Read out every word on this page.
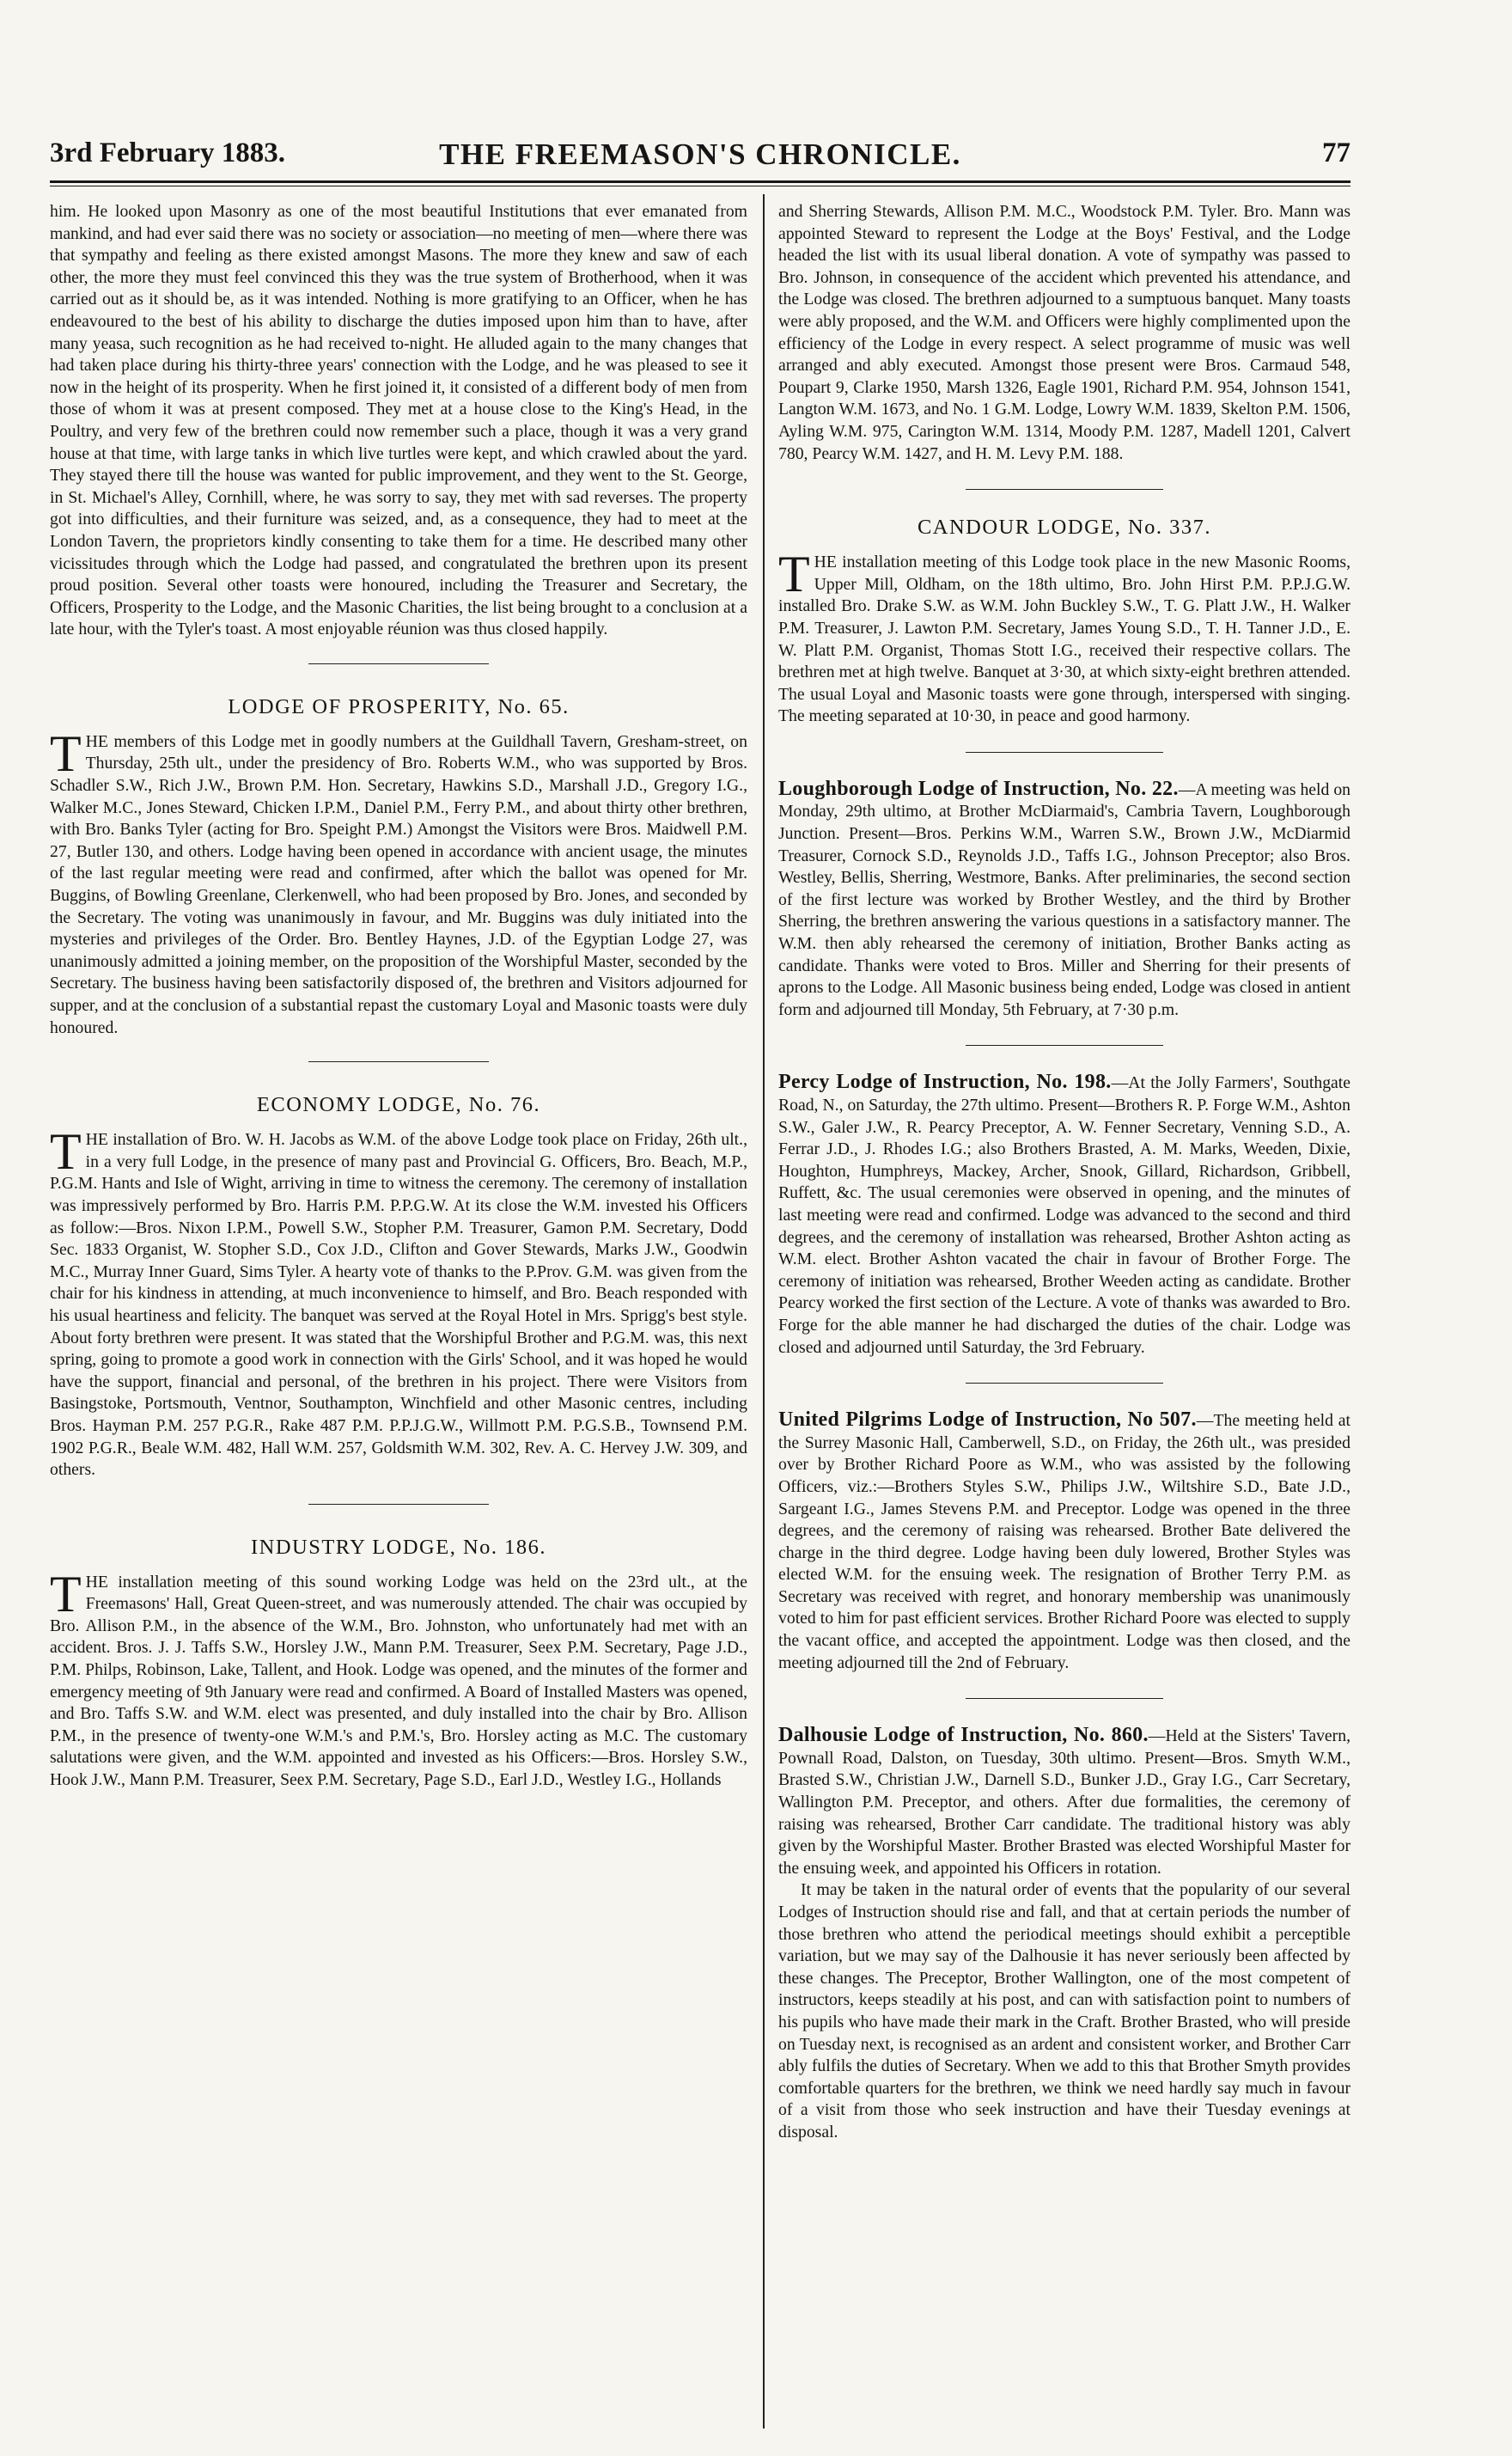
3rd February 1883.	THE FREEMASON'S CHRONICLE.	77

him. He looked upon Masonry as one of the most beautiful Institutions that ever emanated from mankind, and had ever said there was no society or association—no meeting of men—where there was that sympathy and feeling as there existed amongst Masons. The more they knew and saw of each other, the more they must feel convinced this they was the true system of Brotherhood, when it was carried out as it should be, as it was intended. Nothing is more gratifying to an Officer, when he has endeavoured to the best of his ability to discharge the duties imposed upon him than to have, after many yeasa, such recognition as he had received to-night. He alluded again to the many changes that had taken place during his thirty-three years' connection with the Lodge, and he was pleased to see it now in the height of its prosperity. When he first joined it, it consisted of a different body of men from those of whom it was at present composed. They met at a house close to the King's Head, in the Poultry, and very few of the brethren could now remember such a place, though it was a very grand house at that time, with large tanks in which live turtles were kept, and which crawled about the yard. They stayed there till the house was wanted for public improvement, and they went to the St. George, in St. Michael's Alley, Cornhill, where, he was sorry to say, they met with sad reverses. The property got into difficulties, and their furniture was seized, and, as a consequence, they had to meet at the London Tavern, the proprietors kindly consenting to take them for a time. He described many other vicissitudes through which the Lodge had passed, and congratulated the brethren upon its present proud position. Several other toasts were honoured, including the Treasurer and Secretary, the Officers, Prosperity to the Lodge, and the Masonic Charities, the list being brought to a conclusion at a late hour, with the Tyler's toast. A most enjoyable réunion was thus closed happily.

LODGE OF PROSPERITY, No. 65.

THE members of this Lodge met in goodly numbers at the Guildhall Tavern, Gresham-street, on Thursday, 25th ult., under the presidency of Bro. Roberts W.M., who was supported by Bros. Schadler S.W., Rich J.W., Brown P.M. Hon. Secretary, Hawkins S.D., Marshall J.D., Gregory I.G., Walker M.C., Jones Steward, Chicken I.P.M., Daniel P.M., Ferry P.M., and about thirty other brethren, with Bro. Banks Tyler (acting for Bro. Speight P.M.) Amongst the Visitors were Bros. Maidwell P.M. 27, Butler 130, and others. Lodge having been opened in accordance with ancient usage, the minutes of the last regular meeting were read and confirmed, after which the ballot was opened for Mr. Buggins, of Bowling Greenlane, Clerkenwell, who had been proposed by Bro. Jones, and seconded by the Secretary. The voting was unanimously in favour, and Mr. Buggins was duly initiated into the mysteries and privileges of the Order. Bro. Bentley Haynes, J.D. of the Egyptian Lodge 27, was unanimously admitted a joining member, on the proposition of the Worshipful Master, seconded by the Secretary. The business having been satisfactorily disposed of, the brethren and Visitors adjourned for supper, and at the conclusion of a substantial repast the customary Loyal and Masonic toasts were duly honoured.

ECONOMY LODGE, No. 76.

THE installation of Bro. W. H. Jacobs as W.M. of the above Lodge took place on Friday, 26th ult., in a very full Lodge, in the presence of many past and Provincial G. Officers, Bro. Beach, M.P., P.G.M. Hants and Isle of Wight, arriving in time to witness the ceremony. The ceremony of installation was impressively performed by Bro. Harris P.M. P.P.G.W. At its close the W.M. invested his Officers as follow:—Bros. Nixon I.P.M., Powell S.W., Stopher P.M. Treasurer, Gamon P.M. Secretary, Dodd Sec. 1833 Organist, W. Stopher S.D., Cox J.D., Clifton and Gover Stewards, Marks J.W., Goodwin M.C., Murray Inner Guard, Sims Tyler. A hearty vote of thanks to the P.Prov. G.M. was given from the chair for his kindness in attending, at much inconvenience to himself, and Bro. Beach responded with his usual heartiness and felicity. The banquet was served at the Royal Hotel in Mrs. Sprigg's best style. About forty brethren were present. It was stated that the Worshipful Brother and P.G.M. was, this next spring, going to promote a good work in connection with the Girls' School, and it was hoped he would have the support, financial and personal, of the brethren in his project. There were Visitors from Basingstoke, Portsmouth, Ventnor, Southampton, Winchfield and other Masonic centres, including Bros. Hayman P.M. 257 P.G.R., Rake 487 P.M. P.P.J.G.W., Willmott P.M. P.G.S.B., Townsend P.M. 1902 P.G.R., Beale W.M. 482, Hall W.M. 257, Goldsmith W.M. 302, Rev. A. C. Hervey J.W. 309, and others.

INDUSTRY LODGE, No. 186.

THE installation meeting of this sound working Lodge was held on the 23rd ult., at the Freemasons' Hall, Great Queen-street, and was numerously attended. The chair was occupied by Bro. Allison P.M., in the absence of the W.M., Bro. Johnston, who unfortunately had met with an accident. Bros. J. J. Taffs S.W., Horsley J.W., Mann P.M. Treasurer, Seex P.M. Secretary, Page J.D., P.M. Philps, Robinson, Lake, Tallent, and Hook. Lodge was opened, and the minutes of the former and emergency meeting of 9th January were read and confirmed. A Board of Installed Masters was opened, and Bro. Taffs S.W. and W.M. elect was presented, and duly installed into the chair by Bro. Allison P.M., in the presence of twenty-one W.M.'s and P.M.'s, Bro. Horsley acting as M.C. The customary salutations were given, and the W.M. appointed and invested as his Officers:—Bros. Horsley S.W., Hook J.W., Mann P.M. Treasurer, Seex P.M. Secretary, Page S.D., Earl J.D., Westley I.G., Hollands

and Sherring Stewards, Allison P.M. M.C., Woodstock P.M. Tyler. Bro. Mann was appointed Steward to represent the Lodge at the Boys' Festival, and the Lodge headed the list with its usual liberal donation. A vote of sympathy was passed to Bro. Johnson, in consequence of the accident which prevented his attendance, and the Lodge was closed. The brethren adjourned to a sumptuous banquet. Many toasts were ably proposed, and the W.M. and Officers were highly complimented upon the efficiency of the Lodge in every respect. A select programme of music was well arranged and ably executed. Amongst those present were Bros. Carmaud 548, Poupart 9, Clarke 1950, Marsh 1326, Eagle 1901, Richard P.M. 954, Johnson 1541, Langton W.M. 1673, and No. 1 G.M. Lodge, Lowry W.M. 1839, Skelton P.M. 1506, Ayling W.M. 975, Carington W.M. 1314, Moody P.M. 1287, Madell 1201, Calvert 780, Pearcy W.M. 1427, and H. M. Levy P.M. 188.

CANDOUR LODGE, No. 337.

THE installation meeting of this Lodge took place in the new Masonic Rooms, Upper Mill, Oldham, on the 18th ultimo, Bro. John Hirst P.M. P.P.J.G.W. installed Bro. Drake S.W. as W.M. John Buckley S.W., T. G. Platt J.W., H. Walker P.M. Treasurer, J. Lawton P.M. Secretary, James Young S.D., T. H. Tanner J.D., E. W. Platt P.M. Organist, Thomas Stott I.G., received their respective collars. The brethren met at high twelve. Banquet at 3·30, at which sixty-eight brethren attended. The usual Loyal and Masonic toasts were gone through, interspersed with singing. The meeting separated at 10·30, in peace and good harmony.

Loughborough Lodge of Instruction, No. 22.—A meeting was held on Monday, 29th ultimo, at Brother McDiarmaid's, Cambria Tavern, Loughborough Junction. Present—Bros. Perkins W.M., Warren S.W., Brown J.W., McDiarmid Treasurer, Cornock S.D., Reynolds J.D., Taffs I.G., Johnson Preceptor; also Bros. Westley, Bellis, Sherring, Westmore, Banks. After preliminaries, the second section of the first lecture was worked by Brother Westley, and the third by Brother Sherring, the brethren answering the various questions in a satisfactory manner. The W.M. then ably rehearsed the ceremony of initiation, Brother Banks acting as candidate. Thanks were voted to Bros. Miller and Sherring for their presents of aprons to the Lodge. All Masonic business being ended, Lodge was closed in antient form and adjourned till Monday, 5th February, at 7·30 p.m.

Percy Lodge of Instruction, No. 198.—At the Jolly Farmers', Southgate Road, N., on Saturday, the 27th ultimo. Present—Brothers R. P. Forge W.M., Ashton S.W., Galer J.W., R. Pearcy Preceptor, A. W. Fenner Secretary, Venning S.D., A. Ferrar J.D., J. Rhodes I.G.; also Brothers Brasted, A. M. Marks, Weeden, Dixie, Houghton, Humphreys, Mackey, Archer, Snook, Gillard, Richardson, Gribbell, Ruffett, &c. The usual ceremonies were observed in opening, and the minutes of last meeting were read and confirmed. Lodge was advanced to the second and third degrees, and the ceremony of installation was rehearsed, Brother Ashton acting as W.M. elect. Brother Ashton vacated the chair in favour of Brother Forge. The ceremony of initiation was rehearsed, Brother Weeden acting as candidate. Brother Pearcy worked the first section of the Lecture. A vote of thanks was awarded to Bro. Forge for the able manner he had discharged the duties of the chair. Lodge was closed and adjourned until Saturday, the 3rd February.

United Pilgrims Lodge of Instruction, No 507.—The meeting held at the Surrey Masonic Hall, Camberwell, S.D., on Friday, the 26th ult., was presided over by Brother Richard Poore as W.M., who was assisted by the following Officers, viz.:—Brothers Styles S.W., Philips J.W., Wiltshire S.D., Bate J.D., Sargeant I.G., James Stevens P.M. and Preceptor. Lodge was opened in the three degrees, and the ceremony of raising was rehearsed. Brother Bate delivered the charge in the third degree. Lodge having been duly lowered, Brother Styles was elected W.M. for the ensuing week. The resignation of Brother Terry P.M. as Secretary was received with regret, and honorary membership was unanimously voted to him for past efficient services. Brother Richard Poore was elected to supply the vacant office, and accepted the appointment. Lodge was then closed, and the meeting adjourned till the 2nd of February.

Dalhousie Lodge of Instruction, No. 860.—Held at the Sisters' Tavern, Pownall Road, Dalston, on Tuesday, 30th ultimo. Present—Bros. Smyth W.M., Brasted S.W., Christian J.W., Darnell S.D., Bunker J.D., Gray I.G., Carr Secretary, Wallington P.M. Preceptor, and others. After due formalities, the ceremony of raising was rehearsed, Brother Carr candidate. The traditional history was ably given by the Worshipful Master. Brother Brasted was elected Worshipful Master for the ensuing week, and appointed his Officers in rotation.

It may be taken in the natural order of events that the popularity of our several Lodges of Instruction should rise and fall, and that at certain periods the number of those brethren who attend the periodical meetings should exhibit a perceptible variation, but we may say of the Dalhousie it has never seriously been affected by these changes. The Preceptor, Brother Wallington, one of the most competent of instructors, keeps steadily at his post, and can with satisfaction point to numbers of his pupils who have made their mark in the Craft. Brother Brasted, who will preside on Tuesday next, is recognised as an ardent and consistent worker, and Brother Carr ably fulfils the duties of Secretary. When we add to this that Brother Smyth provides comfortable quarters for the brethren, we think we need hardly say much in favour of a visit from those who seek instruction and have their Tuesday evenings at disposal.
